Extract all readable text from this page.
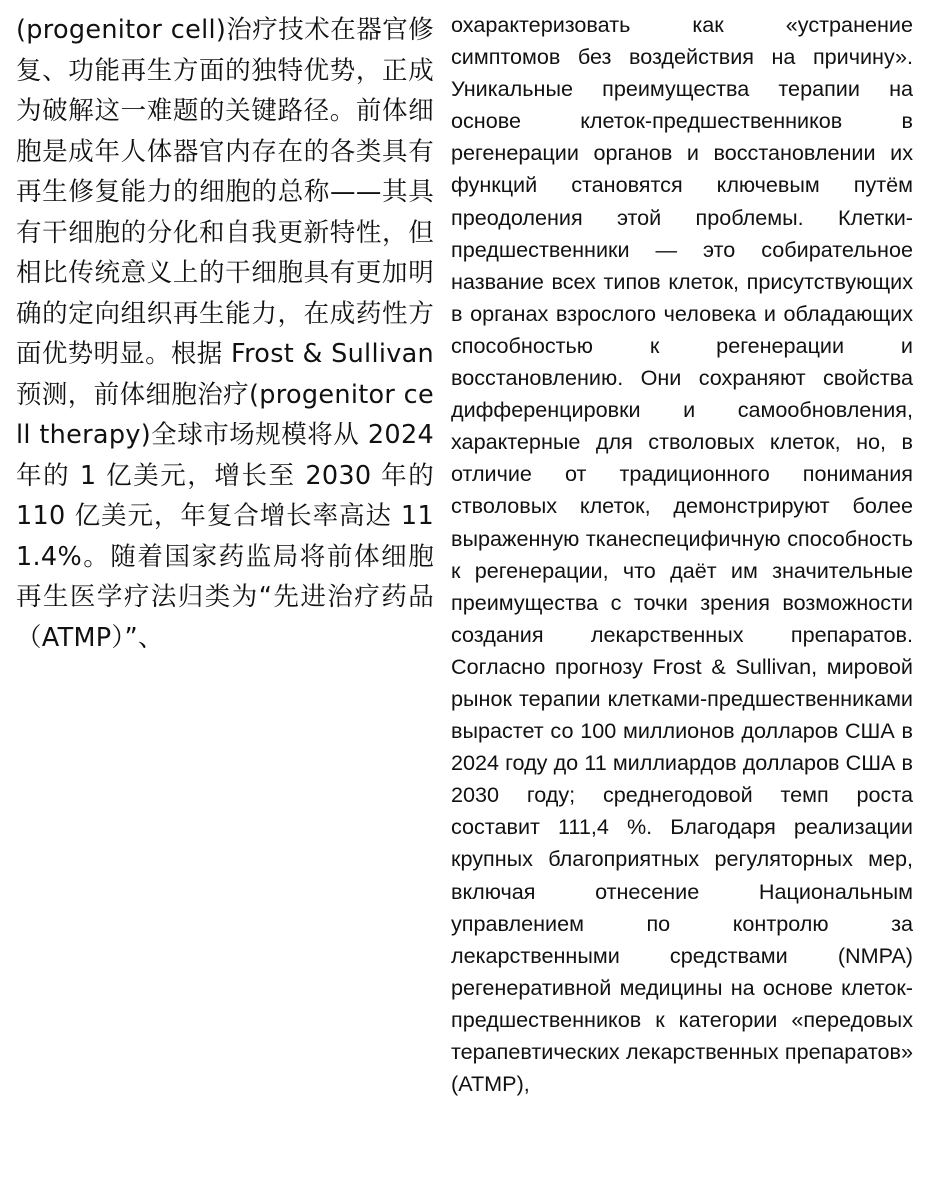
(progenitor cell)治疗技术在器官修复、功能再生方面的独特优势，正成为破解这一难题的关键路径。前体细胞是成年人体器官内存在的各类具有再生修复能力的细胞的总称——其具有干细胞的分化和自我更新特性，但相比传统意义上的干细胞具有更加明确的定向组织再生能力，在成药性方面优势明显。根据 Frost & Sullivan 预测，前体细胞治疗(progenitor cell therapy)全球市场规模将从 2024 年的 1 亿美元，增长至 2030 年的 110 亿美元，年复合增长率高达 111.4%。随着国家药监局将前体细胞再生医学疗法归类为“先进治疗药品（ATMP）”、

охарактеризовать как «устранение симптомов без воздействия на причину». Уникальные преимущества терапии на основе клеток-предшественников в регенерации органов и восстановлении их функций становятся ключевым путём преодоления этой проблемы. Клетки-предшественники — это собирательное название всех типов клеток, присутствующих в органах взрослого человека и обладающих способностью к регенерации и восстановлению. Они сохраняют свойства дифференцировки и самообновления, характерные для стволовых клеток, но, в отличие от традиционного понимания стволовых клеток, демонстрируют более выраженную тканеспецифичную способность к регенерации, что даёт им значительные преимущества с точки зрения возможности создания лекарственных препаратов. Согласно прогнозу Frost & Sullivan, мировой рынок терапии клетками-предшественниками вырастет со 100 миллионов долларов США в 2024 году до 11 миллиардов долларов США в 2030 году; среднегодовой темп роста составит 111,4 %. Благодаря реализации крупных благоприятных регуляторных мер, включая отнесение Национальным управлением по контролю за лекарственными средствами (NMPA) регенеративной медицины на основе клеток-предшественников к категории «передовых терапевтических лекарственных препаратов» (ATMP),
